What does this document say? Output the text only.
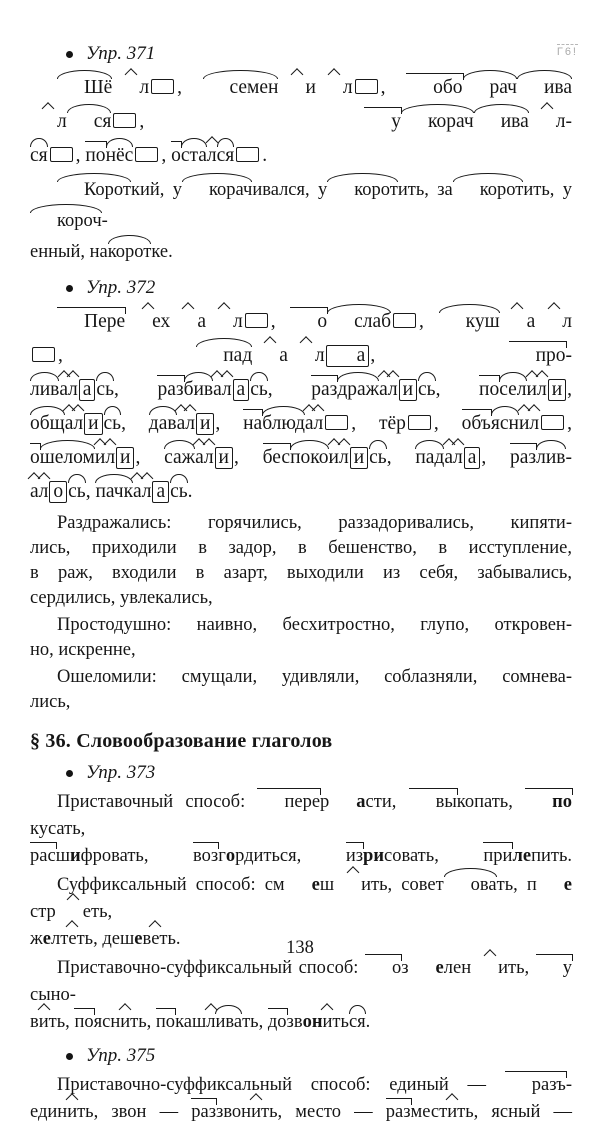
Г6!
Упр. 371
Шё л , семен и л , обо рач ивал ся , у корач ива л-
ся , понёс , остался .
Короткий, у корачивался, у коротить, за коротить, укороч-
енный, накоротке.
Упр. 372
Пере ех а л , о слаб , куш а л, пад а л а , про-
ливал а сь, разбивал а сь, раздражал и сь, поселил и ,
общал и сь, давал и , наблюдал , тёр , объяснил ,
ошеломил и , сажал и , беспокоил и сь, падал а , разлив-
ал о сь, пачкал а сь.
Раздражались: горячились, раззадоривались, кипяти-
лись, приходили в задор, в бешенство, в исступление,
в раж, входили в азарт, выходили из себя, забывались,
сердились, увлекались,
Простодушно: наивно, бесхитростно, глупо, откровен-
но, искренне,
Ошеломили: смущали, удивляли, соблазняли, сомнева-
лись,
§ 36. Словообразование глаголов
Упр. 373
Приставочный способ: перер асти, выкопать, покусать,
расшифровать, возгордиться, изрисовать, прилепить.
Суффиксальный способ: см еш ить, совет овать, п естр еть,
желтеть, дешеветь.
Приставочно-суффиксальный способ: оз елен ить, усыно-
вить, пояснить, покашливать, дозвониться.
Упр. 375
Приставочно-суффиксальный способ: единый — разъ-
единить, звон — раззвонить, место — разместить, ясный —
138
